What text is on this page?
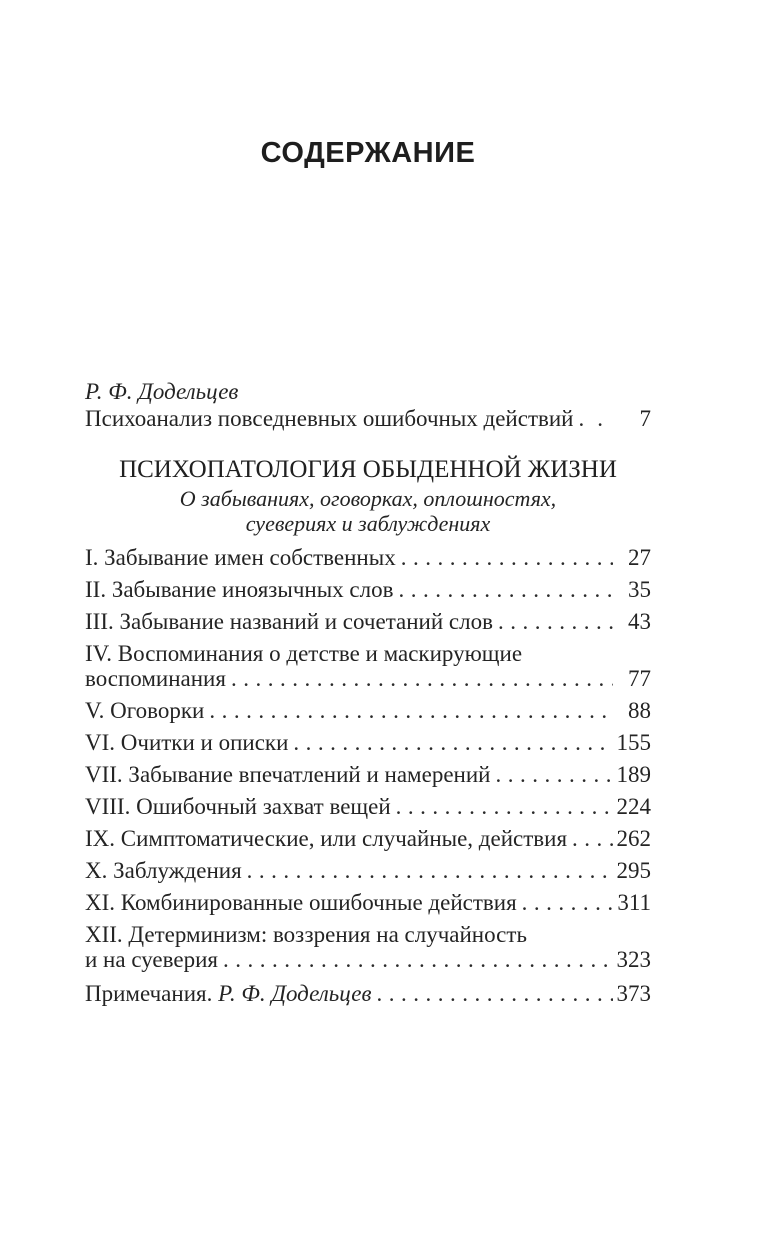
СОДЕРЖАНИЕ
Р. Ф. Додельцев
Психоанализ повседневных ошибочных действий .....	7
ПСИХОПАТОЛОГИЯ ОБЫДЕННОЙ ЖИЗНИ
О забываниях, оговорках, оплошностях,
суевериях и заблуждениях
I. Забывание имен собственных .....	27
II. Забывание иноязычных слов .....	35
III. Забывание названий и сочетаний слов .....	43
IV. Воспоминания о детстве и маскирующие
воспоминания .....	77
V. Оговорки .....	88
VI. Очитки и описки .....	155
VII. Забывание впечатлений и намерений .....	189
VIII. Ошибочный захват вещей .....	224
IX. Симптоматические, или случайные, действия ..... 262
X. Заблуждения .....	295
XI. Комбинированные ошибочные действия .....	311
XII. Детерминизм: воззрения на случайность
и на суеверия .....	323
Примечания. Р. Ф. Додельцев .....	373
